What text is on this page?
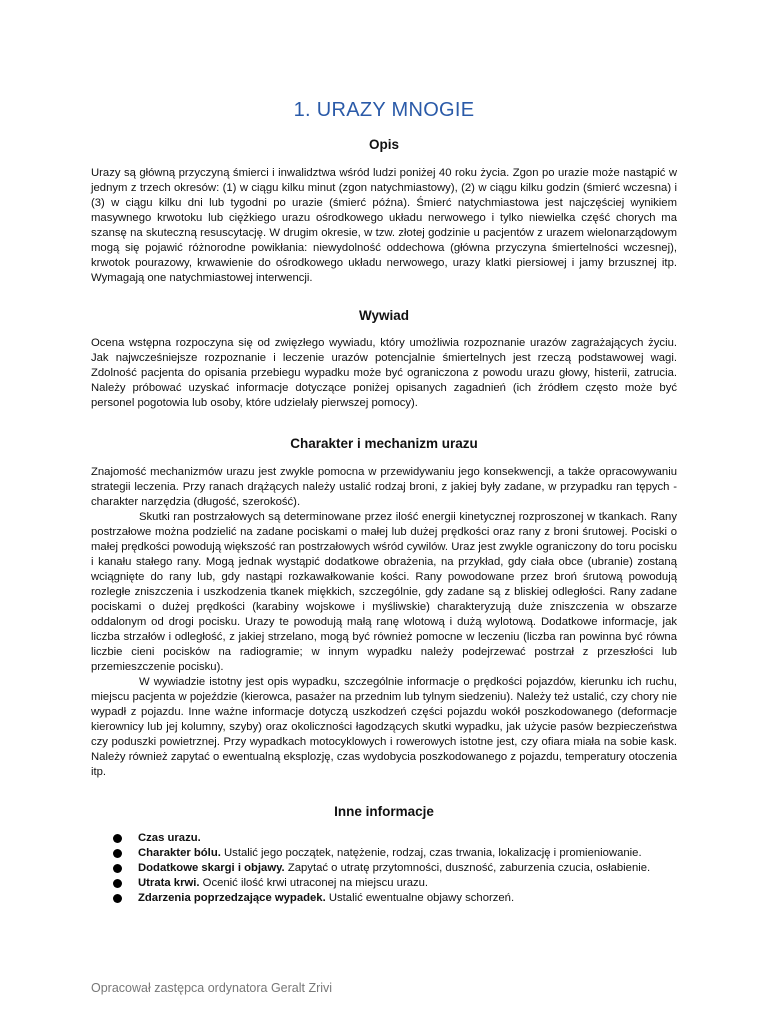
1. URAZY MNOGIE
Opis

Urazy są główną przyczyną śmierci i inwalidztwa wśród ludzi poniżej 40 roku życia. Zgon po urazie może nastąpić w jednym z trzech okresów: (1) w ciągu kilku minut (zgon natychmiastowy), (2) w ciągu kilku godzin (śmierć wczesna) i (3) w ciągu kilku dni lub tygodni po urazie (śmierć późna). Śmierć natychmiastowa jest najczęściej wynikiem masywnego krwotoku lub ciężkiego urazu ośrodkowego układu nerwowego i tylko niewielka część chorych ma szansę na skuteczną resuscytację. W drugim okresie, w tzw. złotej godzinie u pacjentów z urazem wielonarządowym mogą się pojawić różnorodne powikłania: niewydolność oddechowa (główna przyczyna śmiertelności wczesnej), krwotok pourazowy, krwawienie do ośrodkowego układu nerwowego, urazy klatki piersiowej i jamy brzusznej itp. Wymagają one natychmiastowej interwencji.

Wywiad

Ocena wstępna rozpoczyna się od zwięzłego wywiadu, który umożliwia rozpoznanie urazów zagrażających życiu. Jak najwcześniejsze rozpoznanie i leczenie urazów potencjalnie śmiertelnych jest rzeczą podstawowej wagi. Zdolność pacjenta do opisania przebiegu wypadku może być ograniczona z powodu urazu głowy, histerii, zatrucia. Należy próbować uzyskać informacje dotyczące poniżej opisanych zagadnień (ich źródłem często może być personel pogotowia lub osoby, które udzielały pierwszej pomocy).

Charakter i mechanizm urazu

Znajomość mechanizmów urazu jest zwykle pomocna w przewidywaniu jego konsekwencji, a także opracowywaniu strategii leczenia. Przy ranach drążących należy ustalić rodzaj broni, z jakiej były zadane, w przypadku ran tępych - charakter narzędzia (długość, szerokość).

Skutki ran postrzałowych są determinowane przez ilość energii kinetycznej rozproszonej w tkankach. Rany postrzałowe można podzielić na zadane pociskami o małej lub dużej prędkości oraz rany z broni śrutowej. Pociski o małej prędkości powodują większość ran postrzałowych wśród cywilów. Uraz jest zwykle ograniczony do toru pocisku i kanału stałego rany. Mogą jednak wystąpić dodatkowe obrażenia, na przykład, gdy ciała obce (ubranie) zostaną wciągnięte do rany lub, gdy nastąpi rozkawałkowanie kości. Rany powodowane przez broń śrutową powodują rozległe zniszczenia i uszkodzenia tkanek miękkich, szczególnie, gdy zadane są z bliskiej odległości. Rany zadane pociskami o dużej prędkości (karabiny wojskowe i myśliwskie) charakteryzują duże zniszczenia w obszarze oddalonym od drogi pocisku. Urazy te powodują małą ranę wlotową i dużą wylotową. Dodatkowe informacje, jak liczba strzałów i odległość, z jakiej strzelano, mogą być również pomocne w leczeniu (liczba ran powinna być równa liczbie cieni pocisków na radiogramie; w innym wypadku należy podejrzewać postrzał z przeszłości lub przemieszczenie pocisku).

W wywiadzie istotny jest opis wypadku, szczególnie informacje o prędkości pojazdów, kierunku ich ruchu, miejscu pacjenta w pojeździe (kierowca, pasażer na przednim lub tylnym siedzeniu). Należy też ustalić, czy chory nie wypadł z pojazdu. Inne ważne informacje dotyczą uszkodzeń części pojazdu wokół poszkodowanego (deformacje kierownicy lub jej kolumny, szyby) oraz okoliczności łagodzących skutki wypadku, jak użycie pasów bezpieczeństwa czy poduszki powietrznej. Przy wypadkach motocyklowych i rowerowych istotne jest, czy ofiara miała na sobie kask. Należy również zapytać o ewentualną eksplozję, czas wydobycia poszkodowanego z pojazdu, temperatury otoczenia itp.

Inne informacje
Czas urazu.
Charakter bólu. Ustalić jego początek, natężenie, rodzaj, czas trwania, lokalizację i promieniowanie.
Dodatkowe skargi i objawy. Zapytać o utratę przytomności, duszność, zaburzenia czucia, osłabienie.
Utrata krwi. Ocenić ilość krwi utraconej na miejscu urazu.
Zdarzenia poprzedzające wypadek. Ustalić ewentualne objawy schorzeń.
Opracował zastępca ordynatora Geralt Zrivi
